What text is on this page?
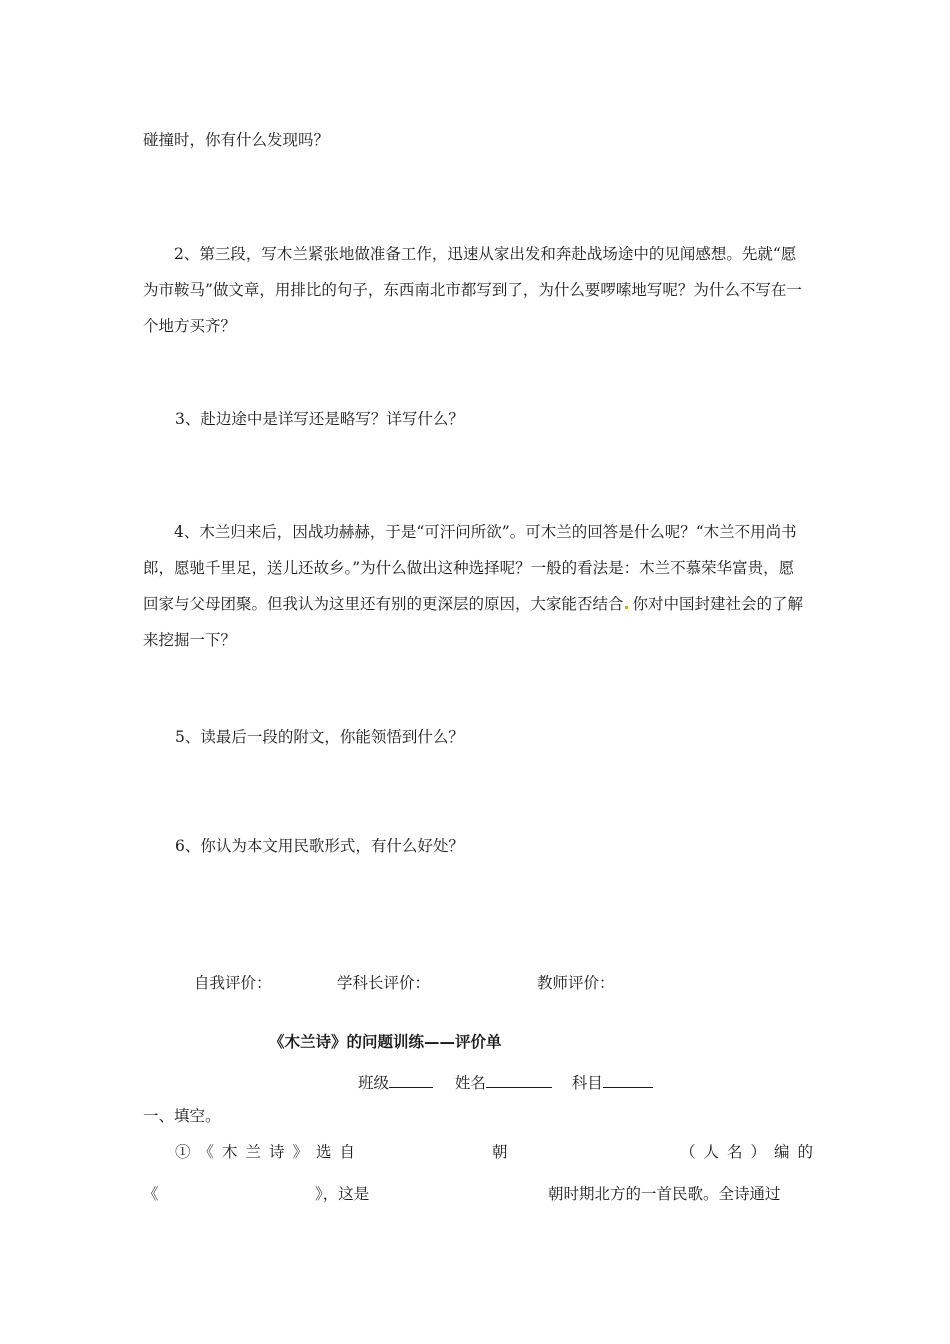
碰撞时，你有什么发现吗？
2、第三段，写木兰紧张地做准备工作，迅速从家出发和奔赴战场途中的见闻感想。先就“愿为市鞍马”做文章，用排比的句子，东西南北市都写到了，为什么要啰嗦地写呢？为什么不写在一个地方买齐？
3、赴边途中是详写还是略写？详写什么？
4、木兰归来后，因战功赫赫，于是“可汗问所欲”。可木兰的回答是什么呢？“木兰不用尚书郎，愿驰千里足，送儿还故乡。”为什么做出这种选择呢？一般的看法是：木兰不慕荣华富贵，愿回家与父母团聚。但我认为这里还有别的更深层的原因，大家能否结合 你对中国封建社会的了解来挖掘一下？
5、读最后一段的附文，你能领悟到什么？
6、你认为本文用民歌形式，有什么好处？
自我评价：	学科长评价：	教师评价：
《木兰诗》的问题训练——评价单
班级	姓名	科目
一、填空。
①《木兰诗》选自	朝	（人名）编的
《	》，这是	朝时期北方的一首民歌。全诗通过
